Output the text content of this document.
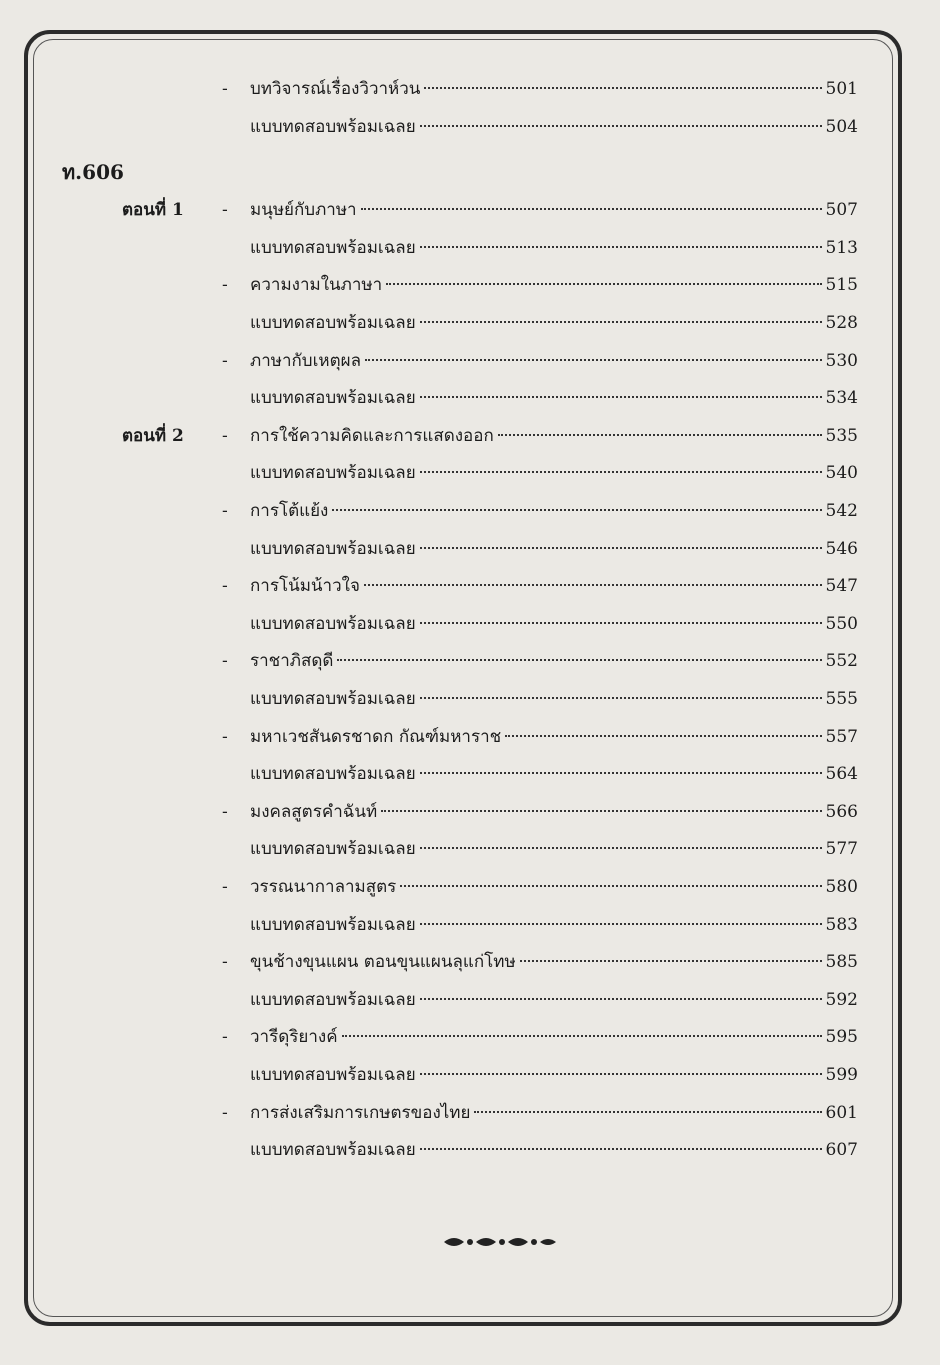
ท.606
- บทวิจารณ์เรื่องวิวาห์วน	501
แบบทดสอบพร้อมเฉลย	504
ตอนที่ 1 - มนุษย์กับภาษา	507
แบบทดสอบพร้อมเฉลย	513
- ความงามในภาษา	515
แบบทดสอบพร้อมเฉลย	528
- ภาษากับเหตุผล	530
แบบทดสอบพร้อมเฉลย	534
ตอนที่ 2 - การใช้ความคิดและการแสดงออก	535
แบบทดสอบพร้อมเฉลย	540
- การโต้แย้ง	542
แบบทดสอบพร้อมเฉลย	546
- การโน้มน้าวใจ	547
แบบทดสอบพร้อมเฉลย	550
- ราชาภิสดุดี	552
แบบทดสอบพร้อมเฉลย	555
- มหาเวชสันดรชาดก กัณฑ์มหาราช	557
แบบทดสอบพร้อมเฉลย	564
- มงคลสูตรคำฉันท์	566
แบบทดสอบพร้อมเฉลย	577
- วรรณนากาลามสูตร	580
แบบทดสอบพร้อมเฉลย	583
- ขุนช้างขุนแผน ตอนขุนแผนลุแก่โทษ	585
แบบทดสอบพร้อมเฉลย	592
- วารีดุริยางค์	595
แบบทดสอบพร้อมเฉลย	599
- การส่งเสริมการเกษตรของไทย	601
แบบทดสอบพร้อมเฉลย	607
